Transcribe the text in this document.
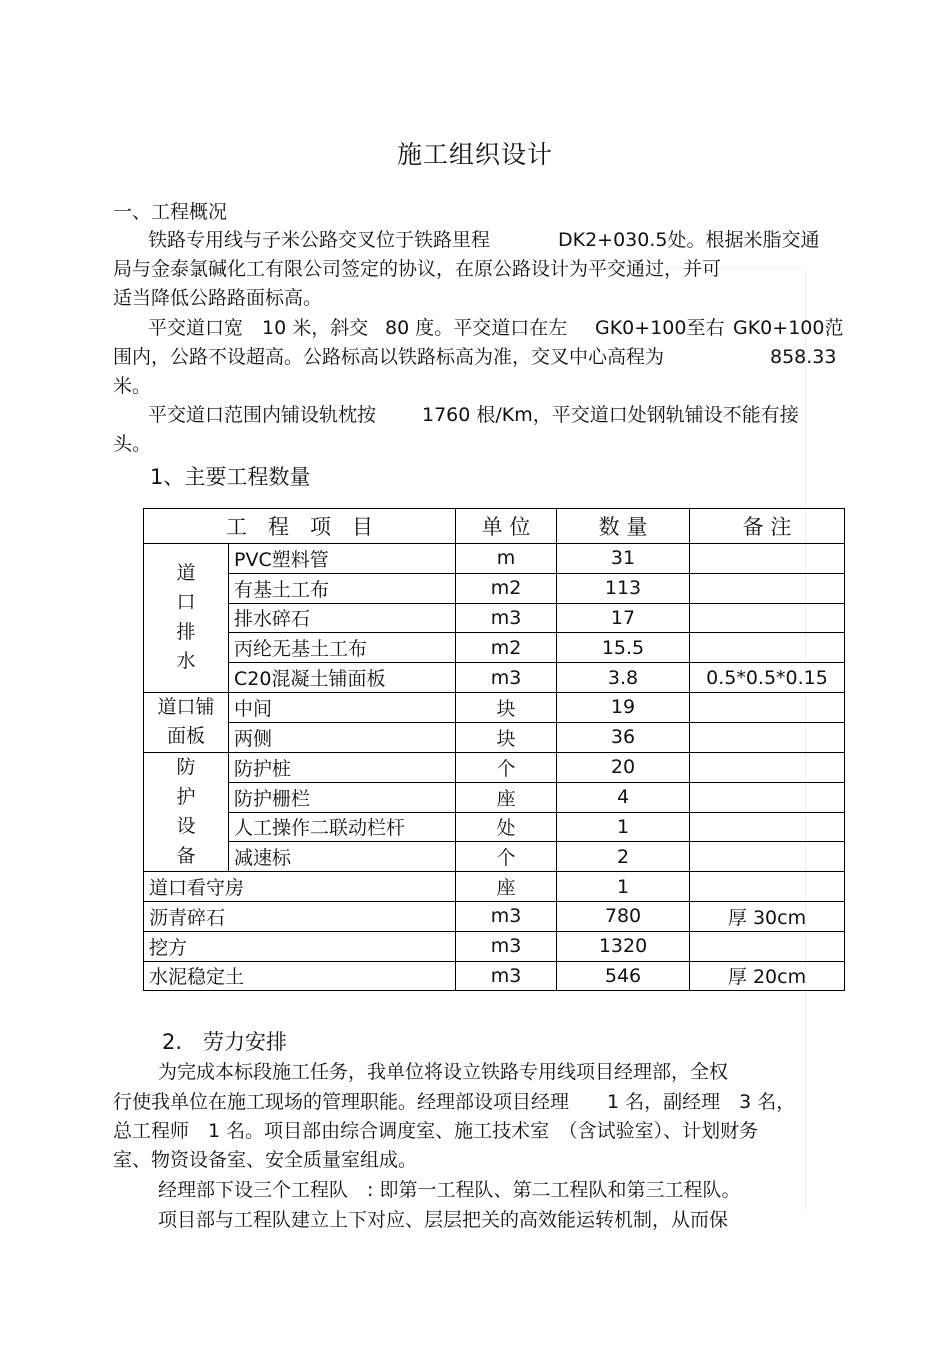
施工组织设计
一、工程概况
铁路专用线与子米公路交叉位于铁路里程	DK2+030.5处。根据米脂交通
局与金泰氯碱化工有限公司签定的协议，在原公路设计为平交通过，并可
适当降低公路路面标高。
平交道口宽 10 米，斜交 80 度。平交道口在左 GK0+100至右 GK0+100范
围内，公路不设超高。公路标高以铁路标高为准，交叉中心高程为	858.33
米。
平交道口范围内铺设轨枕按 1760 根/Km，平交道口处钢轨铺设不能有接
头。
1、主要工程数量
工　程　项　目		单 位	数 量	备 注
道
口
排
水	PVC塑料管	m	31	
	有基土工布	m2	113	
	排水碎石	m3	17	
	丙纶无基土工布	m2	15.5	
	C20混凝土铺面板	m3	3.8	0.5*0.5*0.15
道口铺
面板	中间	块	19	
	两侧	块	36	
防
护
设
备	防护桩	个	20	
	防护栅栏	座	4	
	人工操作二联动栏杆	处	1	
	减速标	个	2	
道口看守房		座	1	
沥青碎石		m3	780	厚 30cm
挖方		m3	1320	
水泥稳定土		m3	546	厚 20cm
2.　劳力安排
为完成本标段施工任务，我单位将设立铁路专用线项目经理部，全权
行使我单位在施工现场的管理职能。经理部设项目经理　　1 名，副经理　3 名，
总工程师　1 名。项目部由综合调度室、施工技术室　（含试验室）、计划财务
室、物资设备室、安全质量室组成。
经理部下设三个工程队　: 即第一工程队、第二工程队和第三工程队。
项目部与工程队建立上下对应、层层把关的高效能运转机制，从而保
